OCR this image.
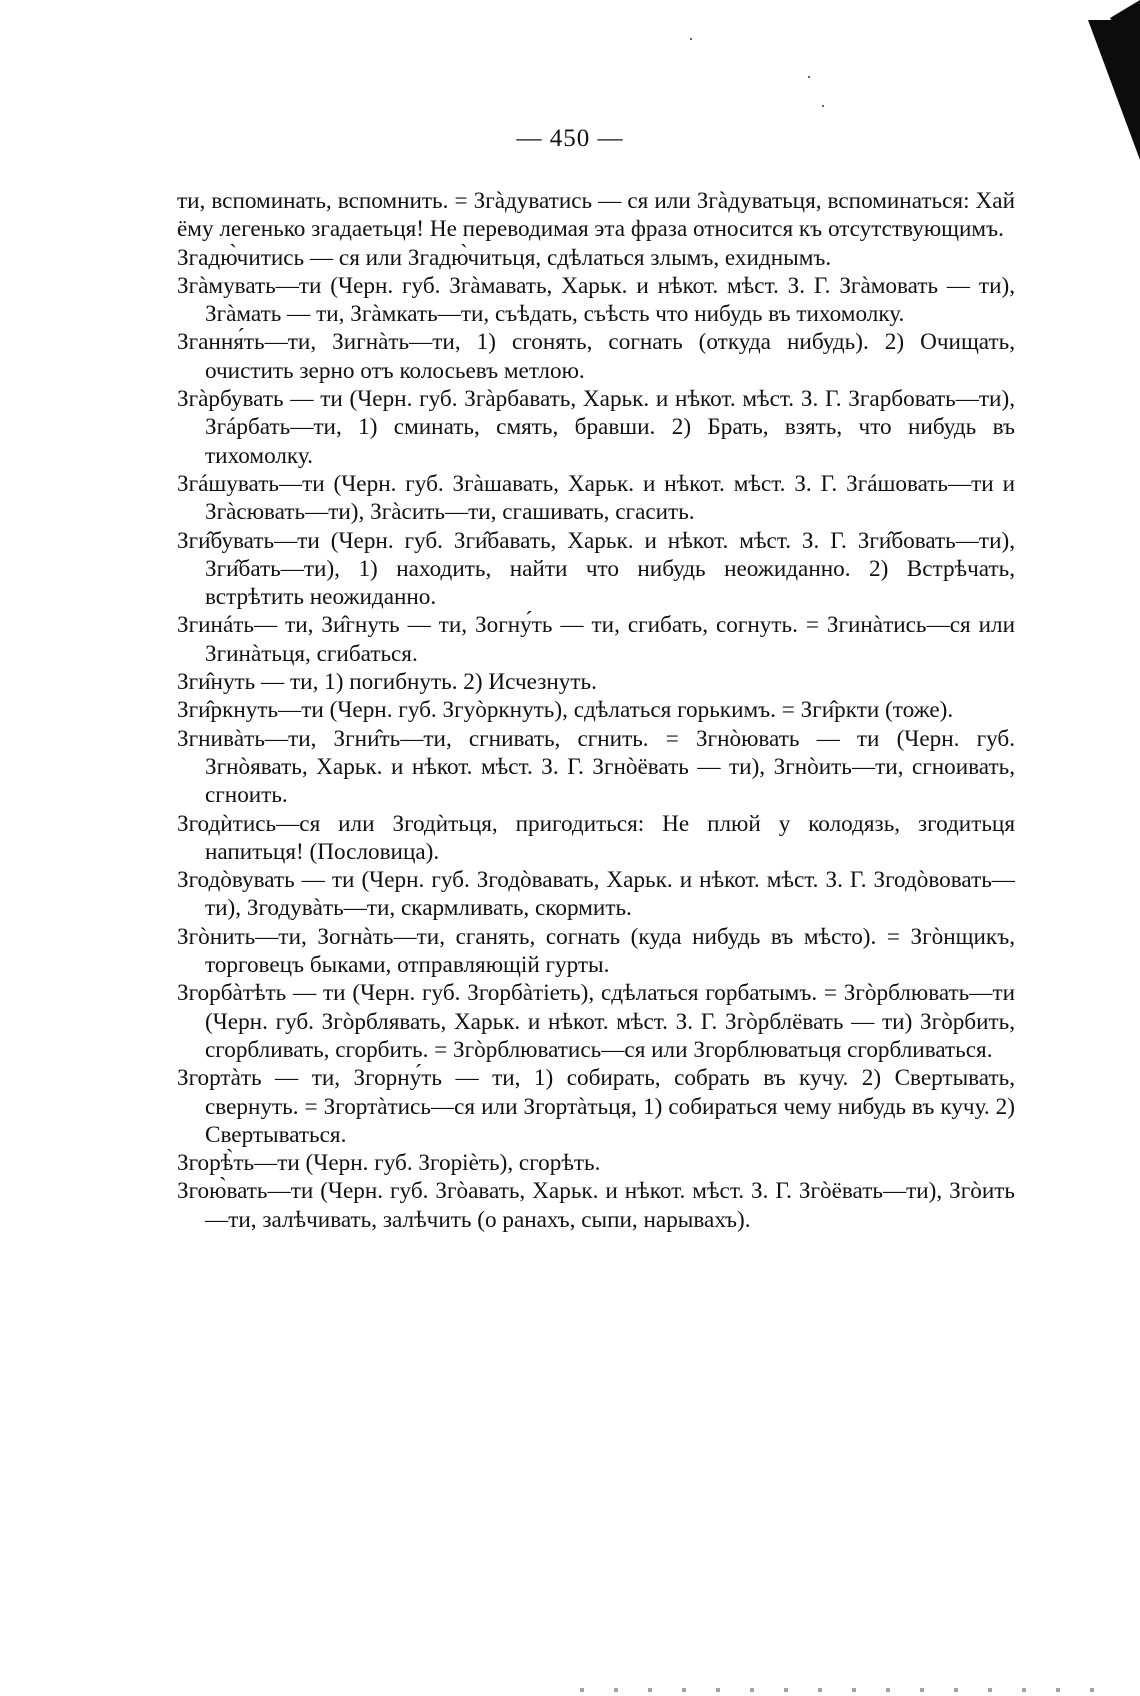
— 450 —

ти, вспоминать, вспомнить. = Згàдуватись — ся или Згàдуватьця, вспоминаться: Хай ёму легенько згадаетьця! Не переводимая эта фраза относится къ отсутствующимъ.

Згадю̀читись — ся или Згадю̀читьця, сдѣлаться злымъ, ехиднымъ.

Згàмувать—ти (Черн. губ. Згàмавать, Харьк. и нѣкот. мѣст. З. Г. Згàмовать — ти), Згàмать — ти, Згàмкать—ти, съѣдать, съѣсть что нибудь въ тихомолку.

Згання́ть—ти, Зигнàть—ти, 1) сгонять, согнать (откуда нибудь). 2) Очищать, очистить зерно отъ колосьевъ метлою.

Згàрбувать — ти (Черн. губ. Згàрбавать, Харьк. и нѣкот. мѣст. З. Г. Згарбовать—ти), Згáрбать—ти, 1) сминать, смять, бравши. 2) Брать, взять, что нибудь въ тихомолку.

Згáшувать—ти (Черн. губ. Згàшавать, Харьк. и нѣкот. мѣст. З. Г. Згáшовать—ти и Згàсювать—ти), Згàсить—ти, сгашивать, сгасить.

Зги̂бувать—ти (Черн. губ. Зги̂бавать, Харьк. и нѣкот. мѣст. З. Г. Зги̂бовать—ти), Зги̂бать—ти), 1) находить, найти что нибудь неожиданно. 2) Встрѣчать, встрѣтить неожиданно.

Згинáть— ти, Зи̂гнуть — ти, Зогну́ть — ти, сгибать, согнуть. = Згинàтись—ся или Згинàтьця, сгибаться.

Зги̂нуть — ти, 1) погибнуть. 2) Исчезнуть.

Зги̂ркнуть—ти (Черн. губ. Згуòркнуть), сдѣлаться горькимъ. = Зги̂ркти (тоже).

Згнивàть—ти, Згни̂ть—ти, сгнивать, сгнить. = Згнòювать — ти (Черн. губ. Згнòявать, Харьк. и нѣкот. мѣст. З. Г. Згнòёвать — ти), Згнòить—ти, сгноивать, сгноить.

Згодѝтись—ся или Згодѝтьця, пригодиться: Не плюй у колодязь, згодитьця напитьця! (Пословица).

Згодòвувать — ти (Черн. губ. Згодòвавать, Харьк. и нѣкот. мѣст. З. Г. Згодòвовать—ти), Згодувàть—ти, скармливать, скормить.

Згòнить—ти, Зогнàть—ти, сганять, согнать (куда нибудь въ мѣсто). = Згòнщикъ, торговецъ быками, отправляющій гурты.

Згорбàтѣть — ти (Черн. губ. Згорбàтіеть), сдѣлаться горбатымъ. = Згòрблювать—ти (Черн. губ. Згòрблявать, Харьк. и нѣкот. мѣст. З. Г. Згòрблёвать — ти) Згòрбить, сгорбливать, сгорбить. = Згòрблюватись—ся или Згорблюватьця сгорбливаться.

Згортàть — ти, Згорну́ть — ти, 1) собирать, собрать въ кучу. 2) Свертывать, свернуть. = Згортàтись—ся или Згортàтьця, 1) собираться чему нибудь въ кучу. 2) Свертываться.

Згорѣ̀ть—ти (Черн. губ. Згоріѐть), сгорѣть.

Згою̀вать—ти (Черн. губ. Згòавать, Харьк. и нѣкот. мѣст. З. Г. Згòёвать—ти), Згòить—ти, залѣчивать, залѣчить (о ранахъ, сыпи, нарывахъ).
